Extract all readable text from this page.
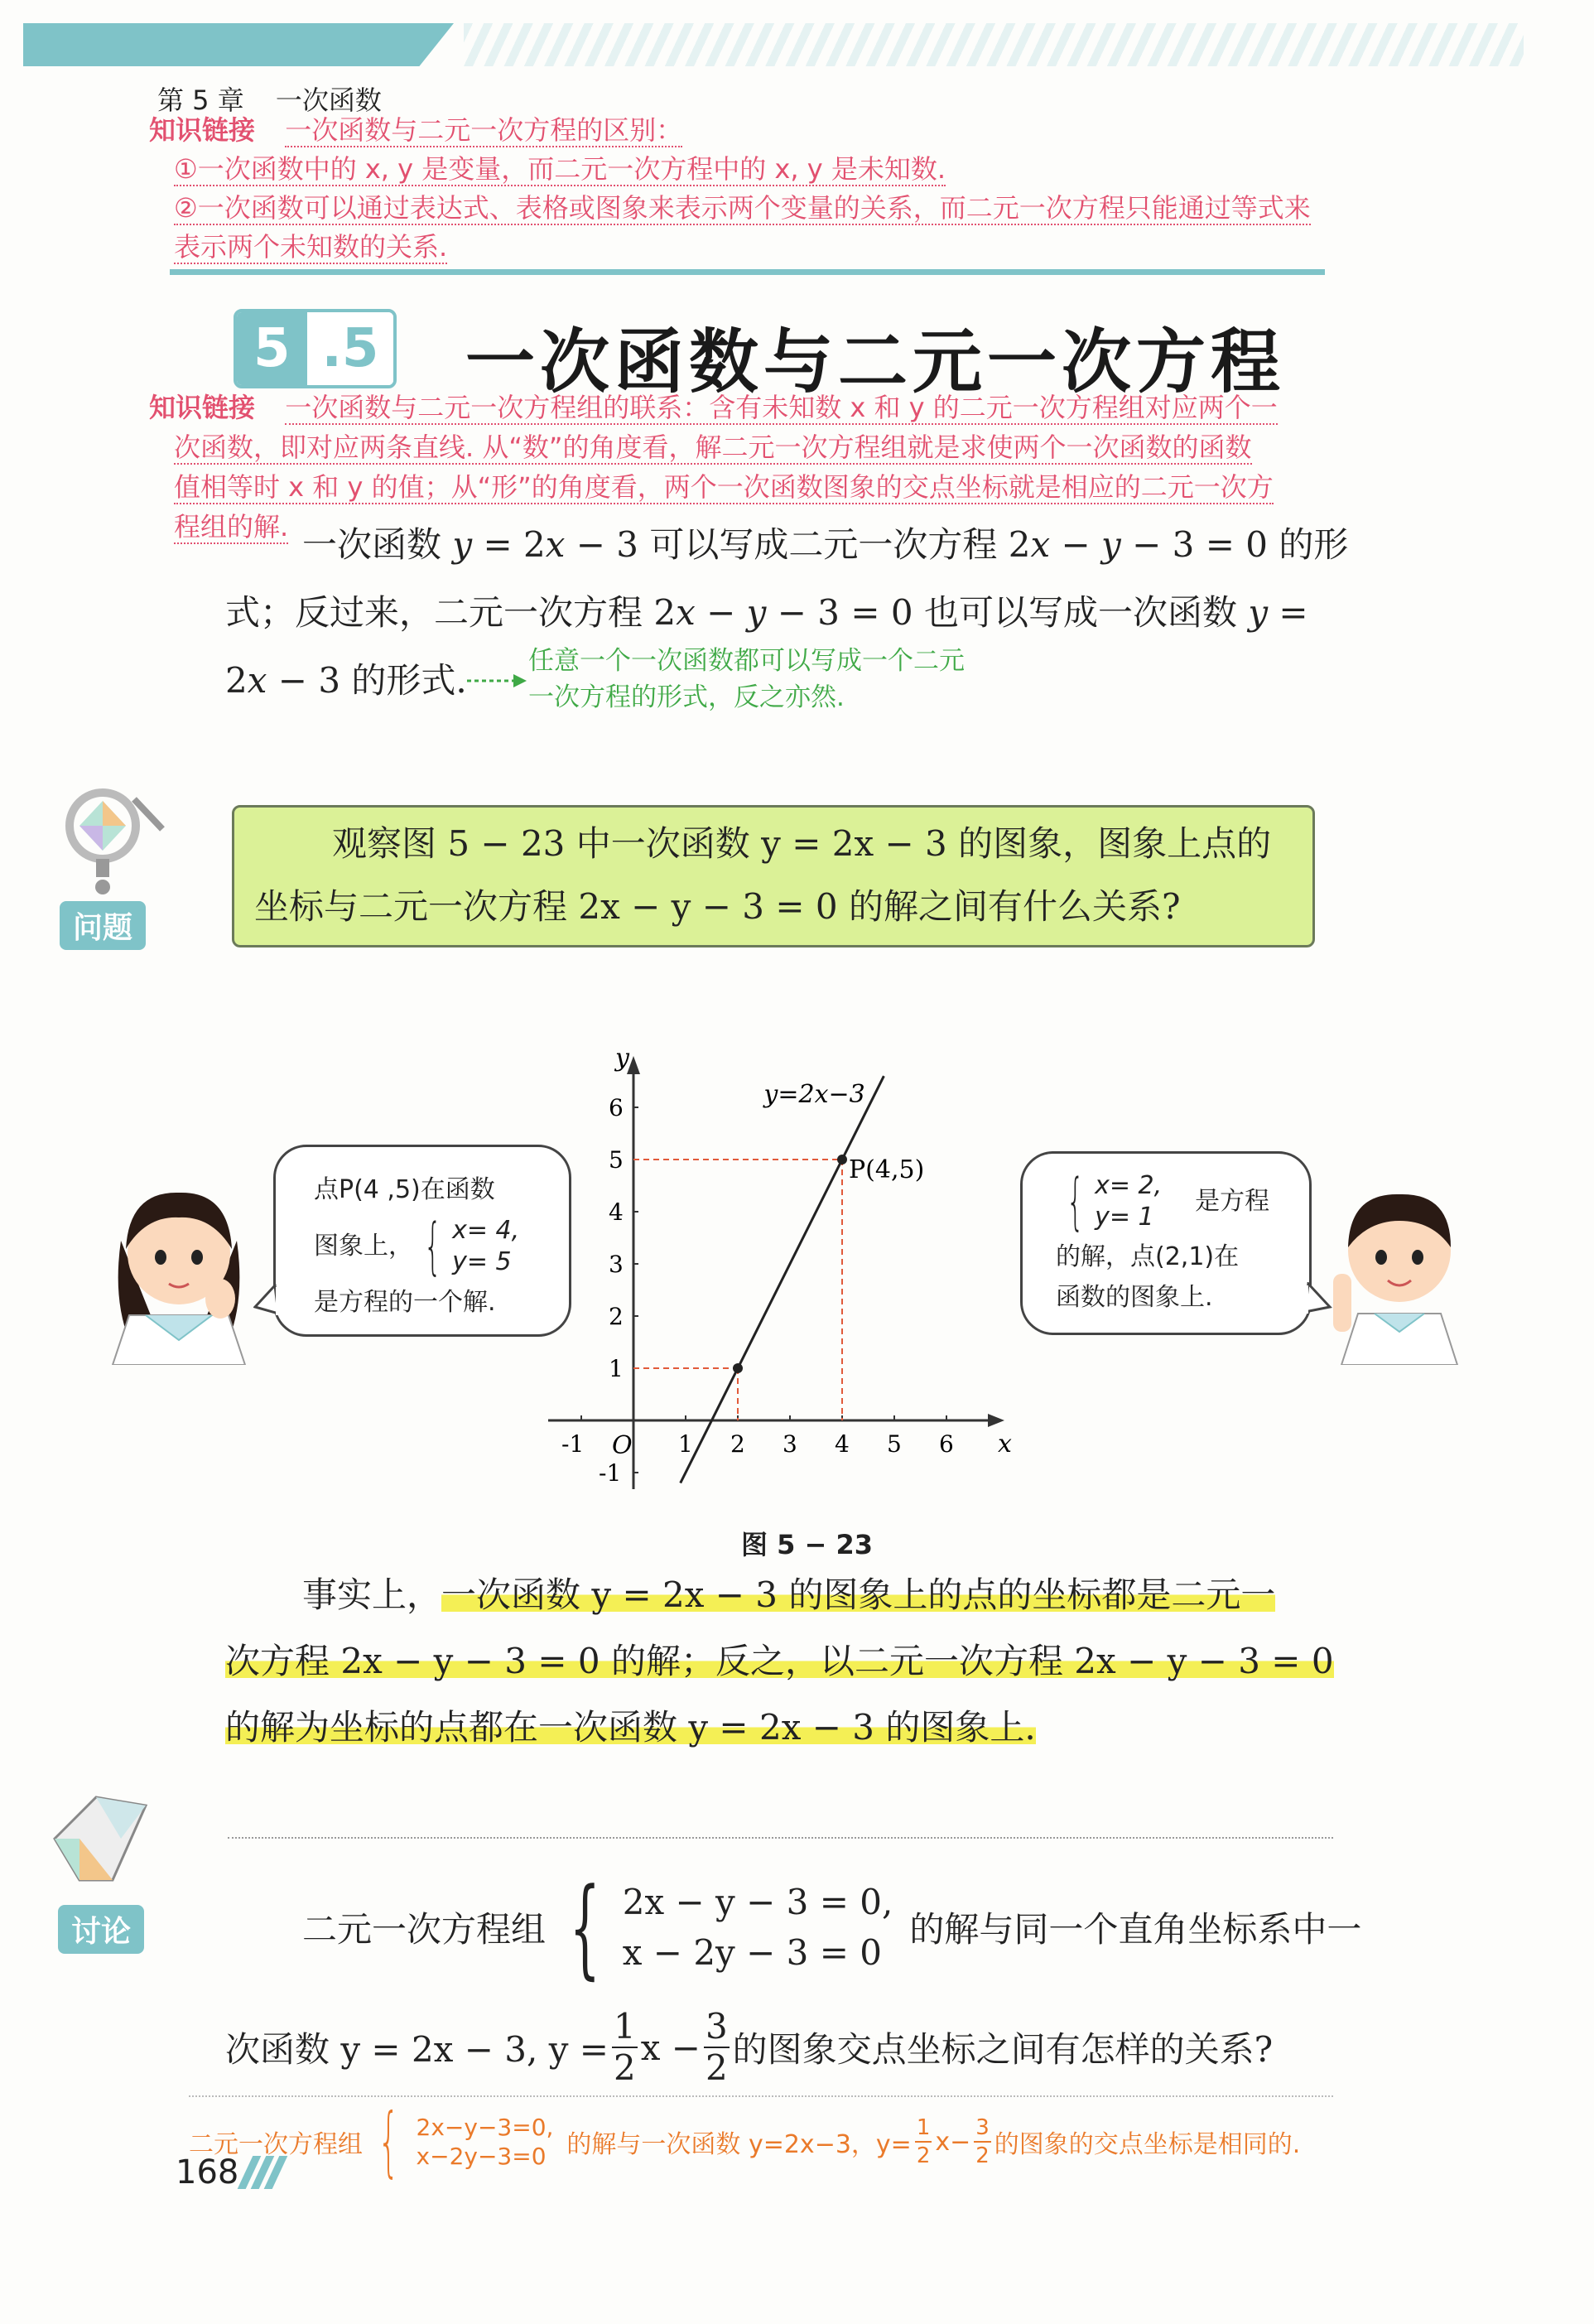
第 5 章 一次函数
知识链接 一次函数与二元一次方程的区别：
①一次函数中的 x, y 是变量，而二元一次方程中的 x, y 是未知数.
②一次函数可以通过表达式、表格或图象来表示两个变量的关系，而二元一次方程只能通过等式来
表示两个未知数的关系.
5 .5 一次函数与二元一次方程
知识链接 一次函数与二元一次方程组的联系：含有未知数 x 和 y 的二元一次方程组对应两个一
次函数，即对应两条直线. 从“数”的角度看，解二元一次方程组就是求使两个一次函数的函数
值相等时 x 和 y 的值；从“形”的角度看，两个一次函数图象的交点坐标就是相应的二元一次方
程组的解. 一次函数 y = 2x − 3 可以写成二元一次方程 2x − y − 3 = 0 的形
式；反过来，二元一次方程 2x − y − 3 = 0 也可以写成一次函数 y =
2x − 3 的形式. 任意一个一次函数都可以写成一个二元
一次方程的形式，反之亦然.
问题
观察图 5 − 23 中一次函数 y = 2x − 3 的图象，图象上点的
坐标与二元一次方程 2x − y − 3 = 0 的解之间有什么关系?
点P(4 ,5)在函数
图象上， { x= 4,
y= 5
是方程的一个解.
x
y
O
-1	1 2 3 4 5 6
-1
1
2
3
4
5
6	y=2x−3
P(4,5)
图 5 − 23
{ x= 2,
y= 1
是方程
的解，点(2,1)在
函数的图象上.
事实上，一次函数 y = 2x − 3 的图象上的点的坐标都是二元一
次方程 2x − y − 3 = 0 的解；反之，以二元一次方程 2x − y − 3 = 0
的解为坐标的点都在一次函数 y = 2x − 3 的图象上.
讨论	二元一次方程组 { 2x − y − 3 = 0,
x − 2y − 3 = 0
的解与同一个直角坐标系中一
次函数 y = 2x − 3, $y = \frac{1}{2}$ $x - \frac{3}{2}$ 的图象交点坐标之间有怎样的关系?
二元一次方程组 { 2x−y−3=0,
x−2y−3=0 的解与一次函数 y=2x−3，$y= \frac{1}{2} x- \frac{3}{2}$ 的图象的交点坐标是相同的.
168
